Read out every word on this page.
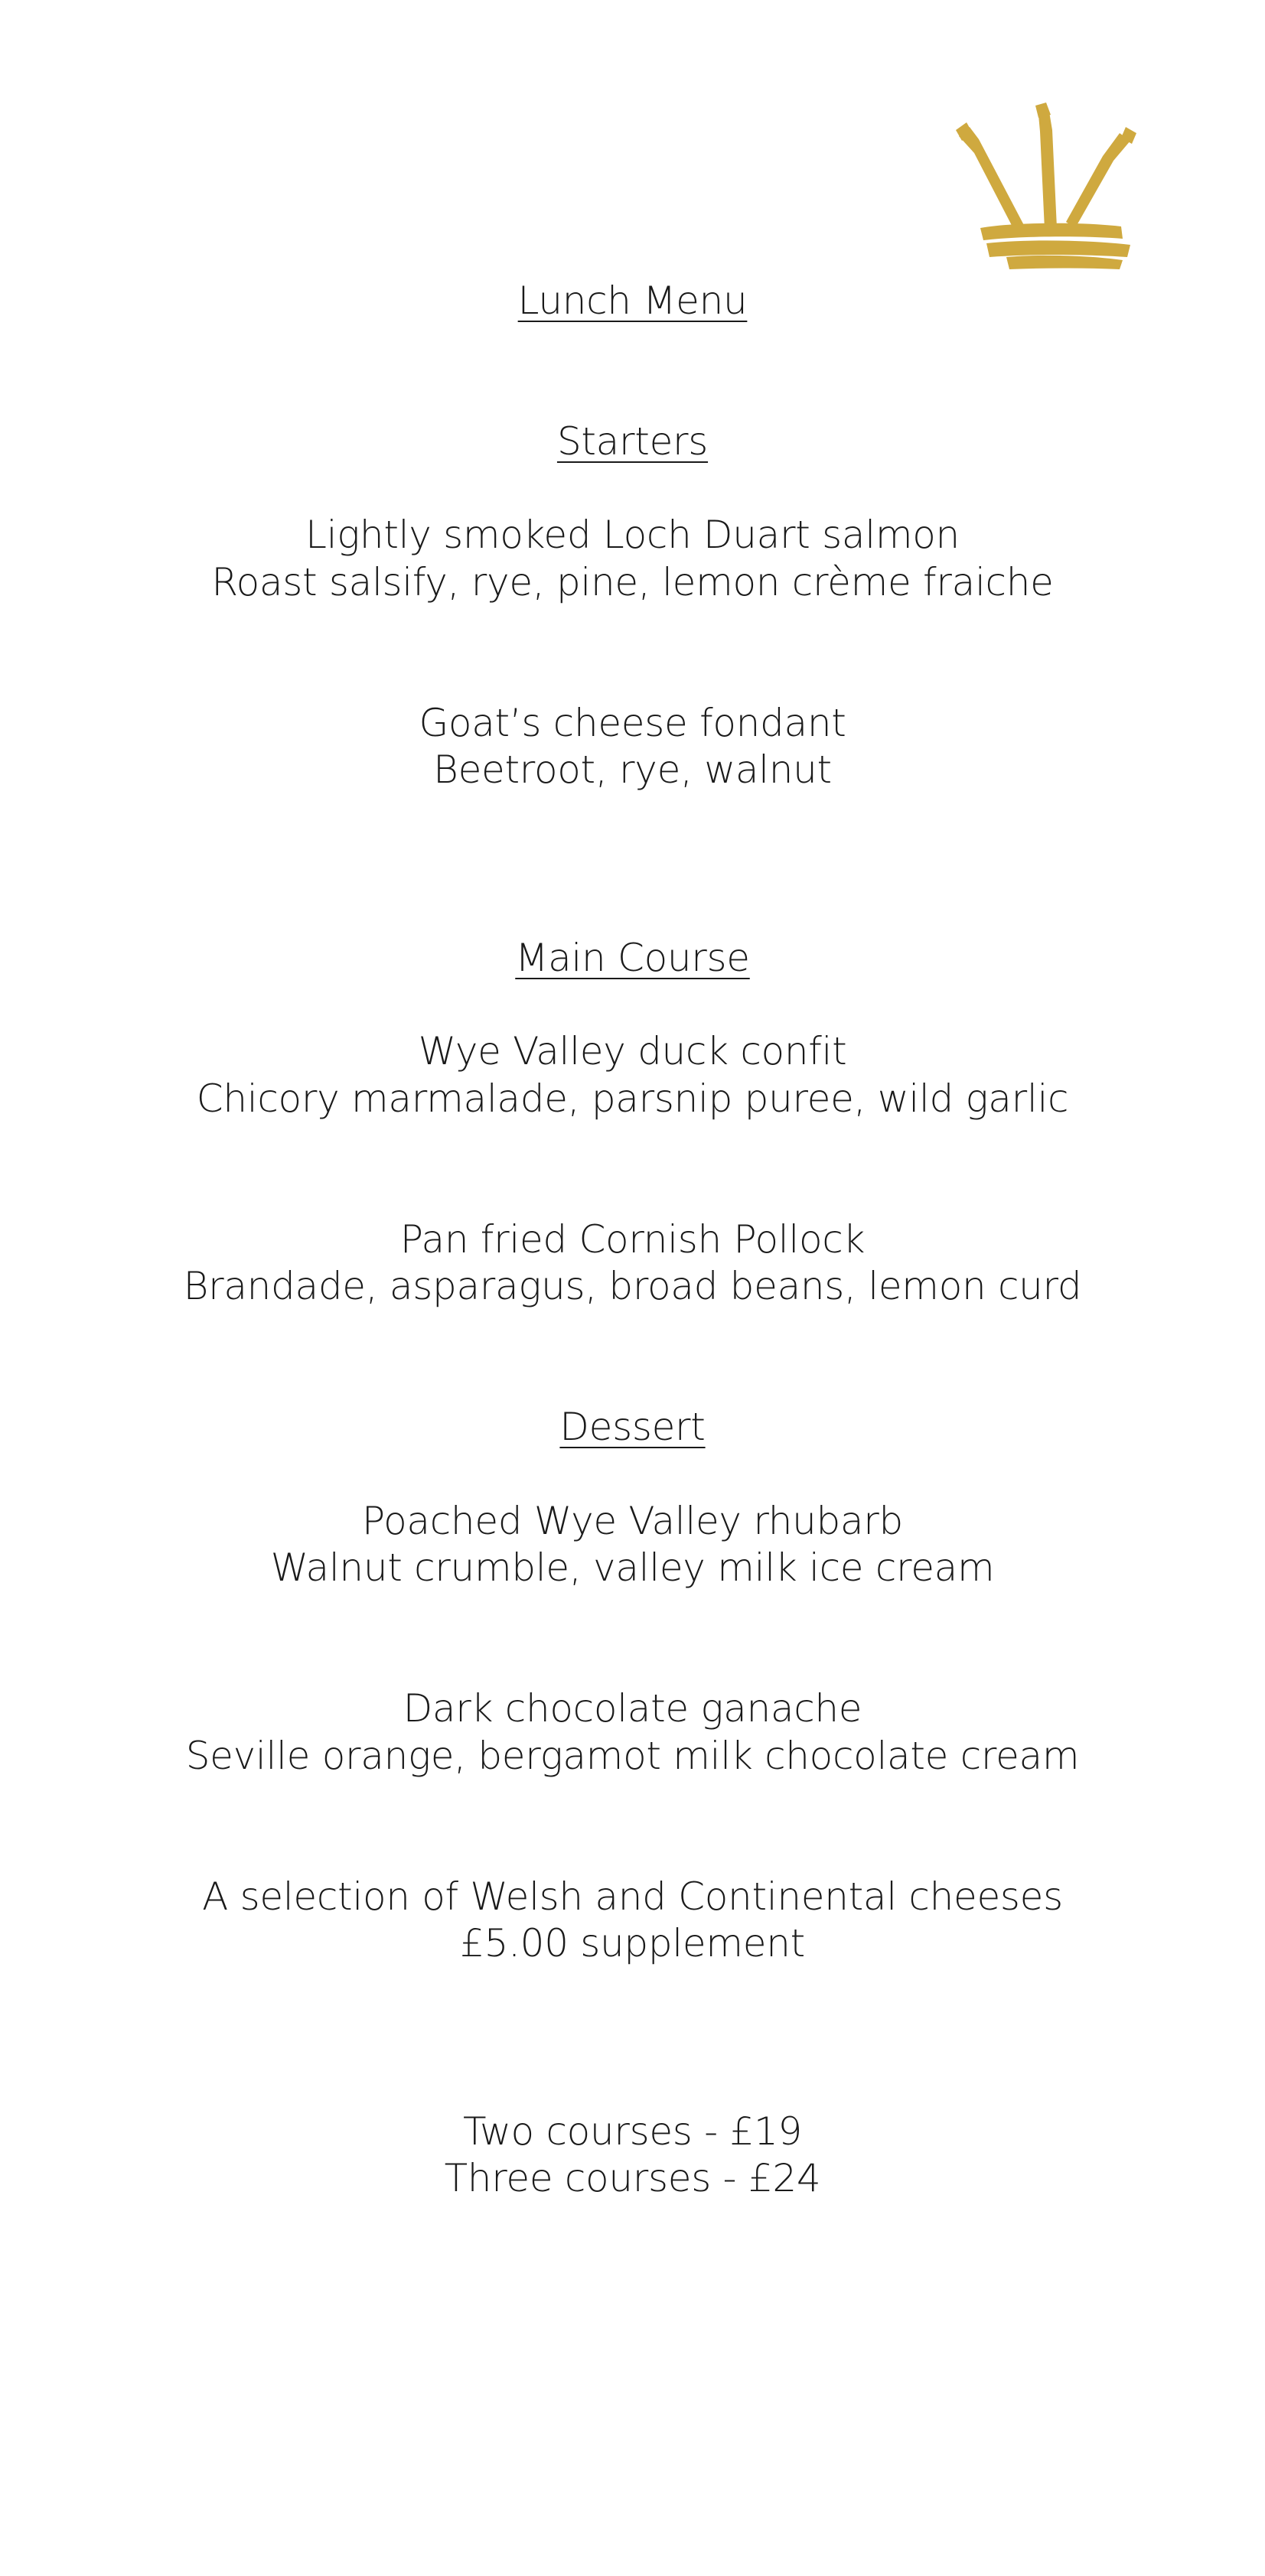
Lunch Menu
Starters
Lightly smoked Loch Duart salmon
Roast salsify, rye, pine, lemon crème fraiche
Goat’s cheese fondant
Beetroot, rye, walnut
Main Course
Wye Valley duck confit
Chicory marmalade, parsnip puree, wild garlic
Pan fried Cornish Pollock
Brandade, asparagus, broad beans, lemon curd
Dessert
Poached Wye Valley rhubarb
Walnut crumble, valley milk ice cream
Dark chocolate ganache
Seville orange, bergamot milk chocolate cream
A selection of Welsh and Continental cheeses
£5.00 supplement
Two courses - £19
Three courses - £24
